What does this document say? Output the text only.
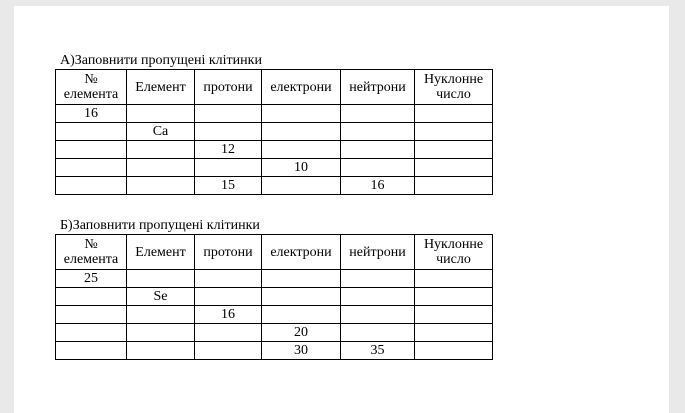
А)Заповнити пропущені клітинки
№
елемента	Елемент	протони	електрони	нейтрони	Нуклонне
число

16					
	Ca				
		12			
			10		
		15		16	
Б)Заповнити пропущені клітинки
№
елемента	Елемент	протони	електрони	нейтрони	Нуклонне
число

25					
	Se				
		16			
			20		
			30	35	
